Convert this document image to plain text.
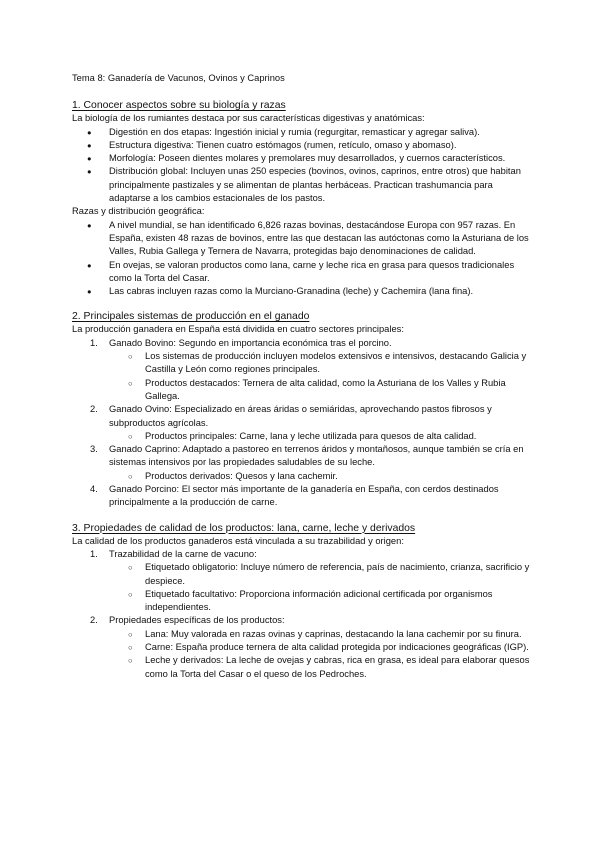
Tema 8: Ganadería de Vacunos, Ovinos y Caprinos

1. Conocer aspectos sobre su biología y razas

La biología de los rumiantes destaca por sus características digestivas y anatómicas:

● Digestión en dos etapas: Ingestión inicial y rumia (regurgitar, remasticar y agregar saliva).
● Estructura digestiva: Tienen cuatro estómagos (rumen, retículo, omaso y abomaso).
● Morfología: Poseen dientes molares y premolares muy desarrollados, y cuernos característicos.
● Distribución global: Incluyen unas 250 especies (bovinos, ovinos, caprinos, entre otros) que habitan principalmente pastizales y se alimentan de plantas herbáceas. Practican trashumancia para adaptarse a los cambios estacionales de los pastos.

Razas y distribución geográfica:

● A nivel mundial, se han identificado 6,826 razas bovinas, destacándose Europa con 957 razas. En España, existen 48 razas de bovinos, entre las que destacan las autóctonas como la Asturiana de los Valles, Rubia Gallega y Ternera de Navarra, protegidas bajo denominaciones de calidad.
● En ovejas, se valoran productos como lana, carne y leche rica en grasa para quesos tradicionales como la Torta del Casar.
● Las cabras incluyen razas como la Murciano-Granadina (leche) y Cachemira (lana fina).
2. Principales sistemas de producción en el ganado

La producción ganadera en España está dividida en cuatro sectores principales:

1. Ganado Bovino: Segundo en importancia económica tras el porcino.
○ Los sistemas de producción incluyen modelos extensivos e intensivos, destacando Galicia y Castilla y León como regiones principales.
○ Productos destacados: Ternera de alta calidad, como la Asturiana de los Valles y Rubia Gallega.
2. Ganado Ovino: Especializado en áreas áridas o semiáridas, aprovechando pastos fibrosos y subproductos agrícolas.
○ Productos principales: Carne, lana y leche utilizada para quesos de alta calidad.
3. Ganado Caprino: Adaptado a pastoreo en terrenos áridos y montañosos, aunque también se cría en sistemas intensivos por las propiedades saludables de su leche.
○ Productos derivados: Quesos y lana cachemir.
4. Ganado Porcino: El sector más importante de la ganadería en España, con cerdos destinados principalmente a la producción de carne.
3. Propiedades de calidad de los productos: lana, carne, leche y derivados

La calidad de los productos ganaderos está vinculada a su trazabilidad y origen:

1. Trazabilidad de la carne de vacuno:
○ Etiquetado obligatorio: Incluye número de referencia, país de nacimiento, crianza, sacrificio y despiece.
○ Etiquetado facultativo: Proporciona información adicional certificada por organismos independientes.
2. Propiedades específicas de los productos:
○ Lana: Muy valorada en razas ovinas y caprinas, destacando la lana cachemir por su finura.
○ Carne: España produce ternera de alta calidad protegida por indicaciones geográficas (IGP).
○ Leche y derivados: La leche de ovejas y cabras, rica en grasa, es ideal para elaborar quesos como la Torta del Casar o el queso de los Pedroches.
